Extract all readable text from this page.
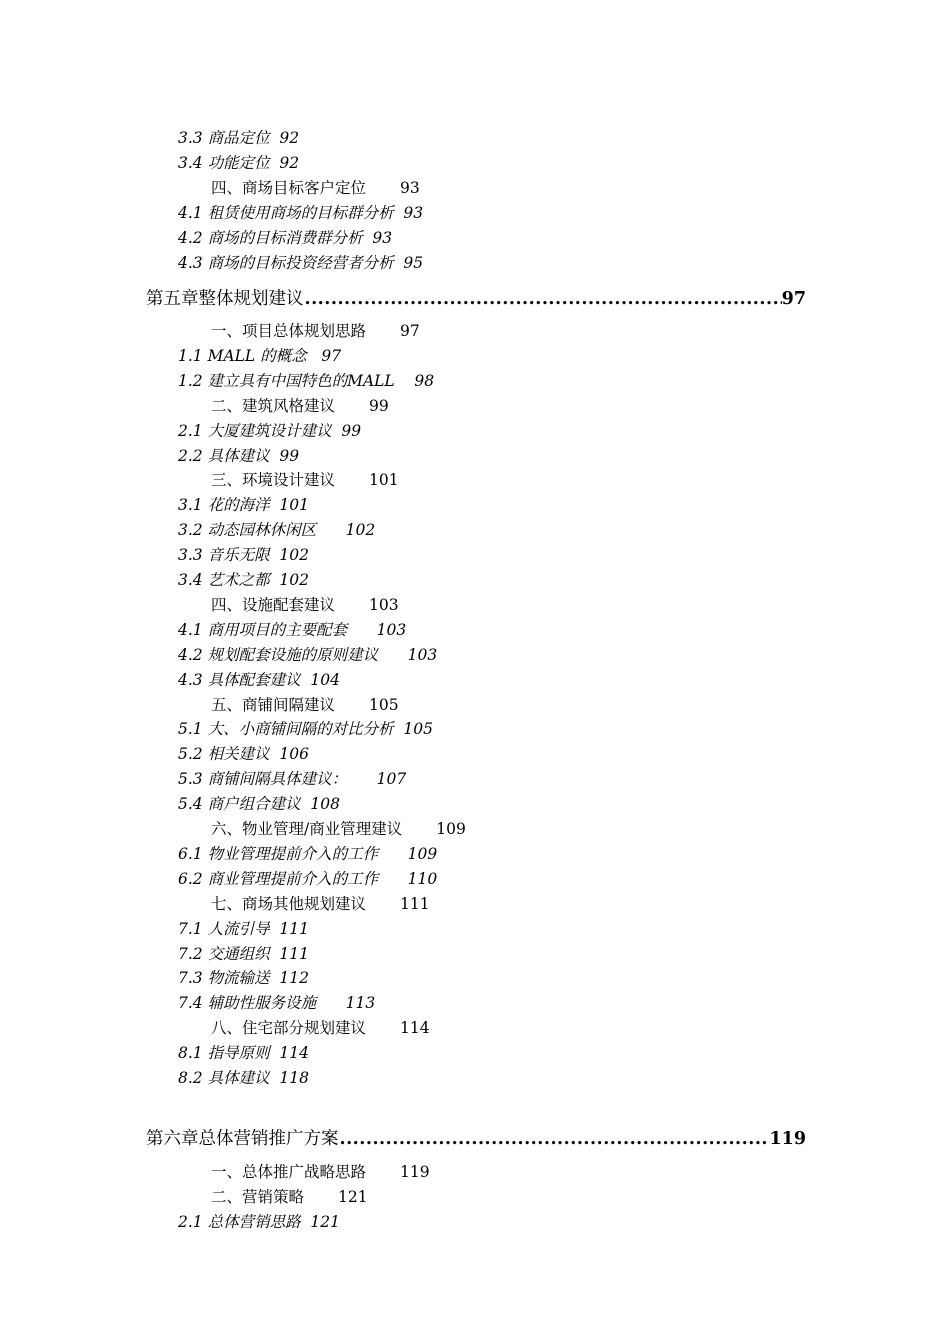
3.3 商品定位  92
3.4 功能定位  92
四、商场目标客户定位 93
4.1 租赁使用商场的目标群分析  93
4.2 商场的目标消费群分析  93
4.3 商场的目标投资经营者分析  95
第五章整体规划建议 .....	97
一、项目总体规划思路 97
1.1 MALL 的概念   97
1.2 建立具有中国特色的MALL    98
二、建筑风格建议 99
2.1 大厦建筑设计建议  99
2.2 具体建议  99
三、环境设计建议 101
3.1 花的海洋  101
3.2 动态园林休闲区      102
3.3 音乐无限  102
3.4 艺术之都  102
四、设施配套建议 103
4.1 商用项目的主要配套      103
4.2 规划配套设施的原则建议      103
4.3 具体配套建议  104
五、商铺间隔建议 105
5.1 大、小商铺间隔的对比分析  105
5.2 相关建议  106
5.3 商铺间隔具体建议：      107
5.4 商户组合建议  108
六、物业管理/商业管理建议 109
6.1 物业管理提前介入的工作      109
6.2 商业管理提前介入的工作      110
七、商场其他规划建议 111
7.1 人流引导  111
7.2 交通组织  111
7.3 物流输送  112
7.4 辅助性服务设施      113
八、住宅部分规划建议 114
8.1 指导原则  114
8.2 具体建议  118
第六章总体营销推广方案 .....	119
一、总体推广战略思路 119
二、营销策略 121
2.1 总体营销思路  121
